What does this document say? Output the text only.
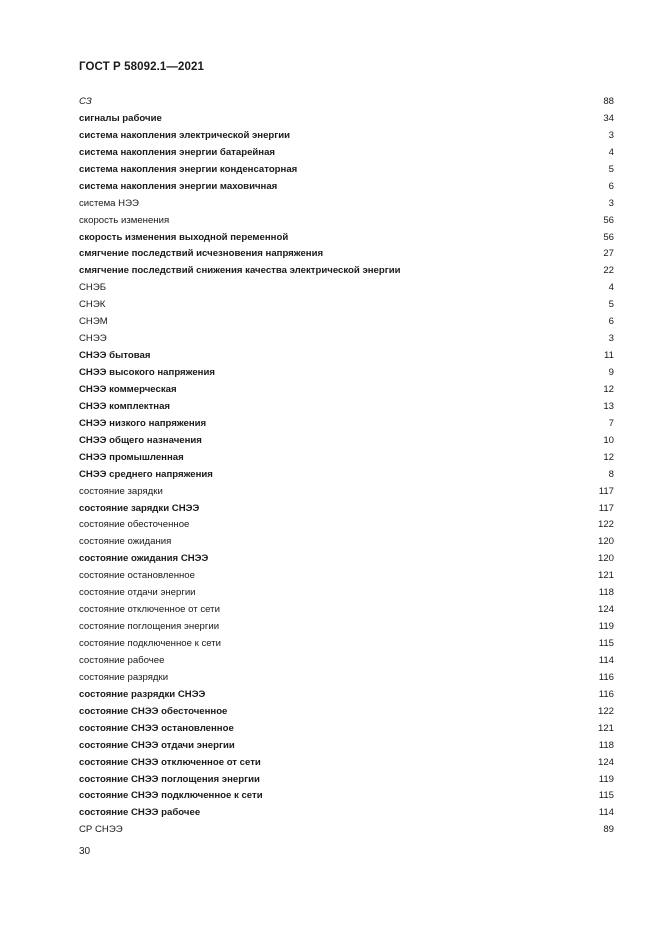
ГОСТ Р 58092.1—2021
СЗ	88
сигналы рабочие	34
система накопления электрической энергии	3
система накопления энергии батарейная	4
система накопления энергии конденсаторная	5
система накопления энергии маховичная	6
система НЭЭ	3
скорость изменения	56
скорость изменения выходной переменной	56
смягчение последствий исчезновения напряжения	27
смягчение последствий снижения качества электрической энергии	22
СНЭБ	4
СНЭК	5
СНЭМ	6
СНЭЭ	3
СНЭЭ бытовая	11
СНЭЭ высокого напряжения	9
СНЭЭ коммерческая	12
СНЭЭ комплектная	13
СНЭЭ низкого напряжения	7
СНЭЭ общего назначения	10
СНЭЭ промышленная	12
СНЭЭ среднего напряжения	8
состояние зарядки	117
состояние зарядки СНЭЭ	117
состояние обесточенное	122
состояние ожидания	120
состояние ожидания СНЭЭ	120
состояние остановленное	121
состояние отдачи энергии	118
состояние отключенное от сети	124
состояние поглощения энергии	119
состояние подключенное к сети	115
состояние рабочее	114
состояние разрядки	116
состояние разрядки СНЭЭ	116
состояние СНЭЭ обесточенное	122
состояние СНЭЭ остановленное	121
состояние СНЭЭ отдачи энергии	118
состояние СНЭЭ отключенное от сети	124
состояние СНЭЭ поглощения энергии	119
состояние СНЭЭ подключенное к сети	115
состояние СНЭЭ рабочее	114
СР СНЭЭ	89
30
